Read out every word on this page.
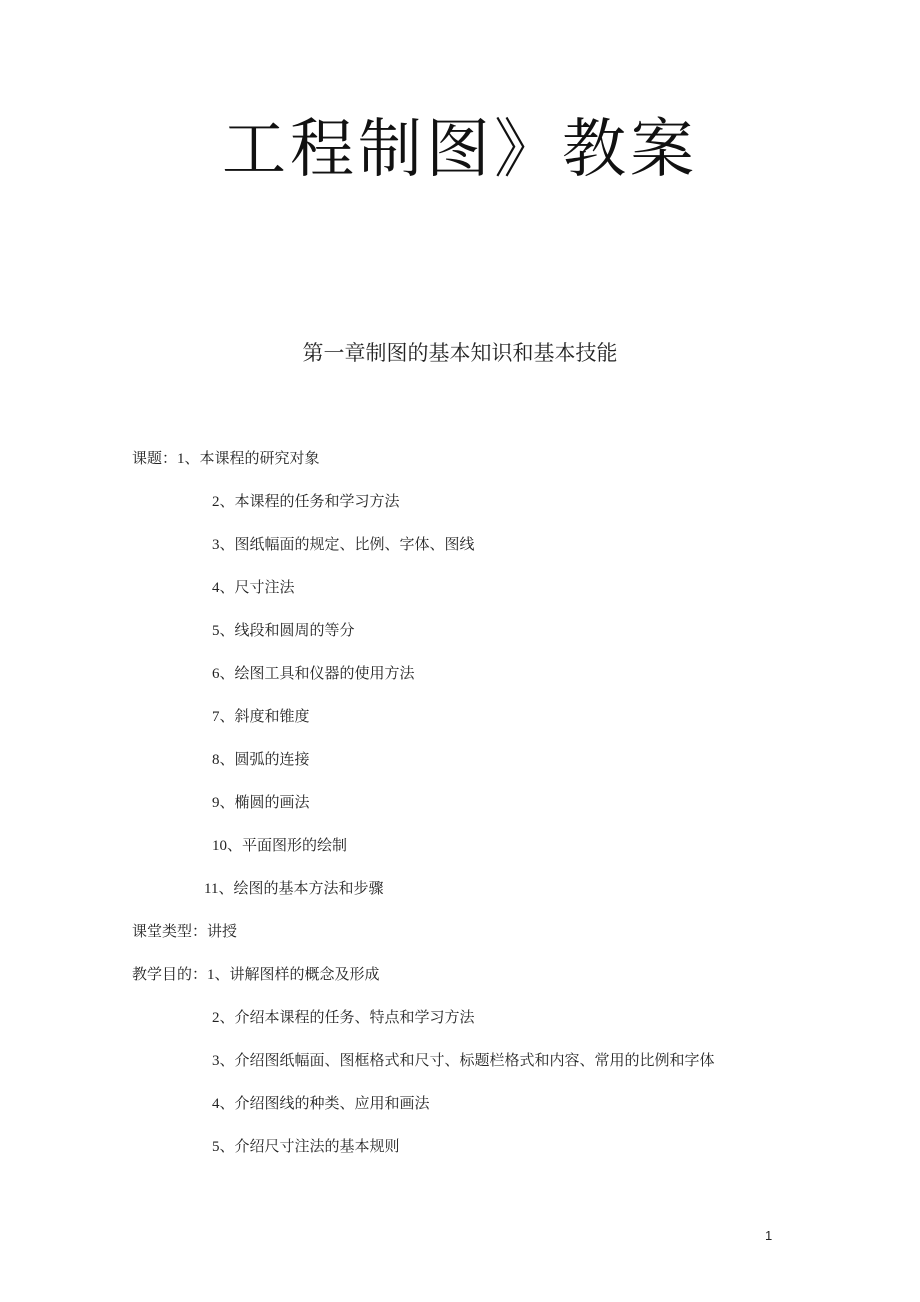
工程制图》教案
第一章制图的基本知识和基本技能
课题：1、本课程的研究对象
2、本课程的任务和学习方法
3、图纸幅面的规定、比例、字体、图线
4、尺寸注法
5、线段和圆周的等分
6、绘图工具和仪器的使用方法
7、斜度和锥度
8、圆弧的连接
9、椭圆的画法
10、平面图形的绘制
11、绘图的基本方法和步骤
课堂类型：讲授
教学目的：1、讲解图样的概念及形成
2、介绍本课程的任务、特点和学习方法
3、介绍图纸幅面、图框格式和尺寸、标题栏格式和内容、常用的比例和字体
4、介绍图线的种类、应用和画法
5、介绍尺寸注法的基本规则
1
